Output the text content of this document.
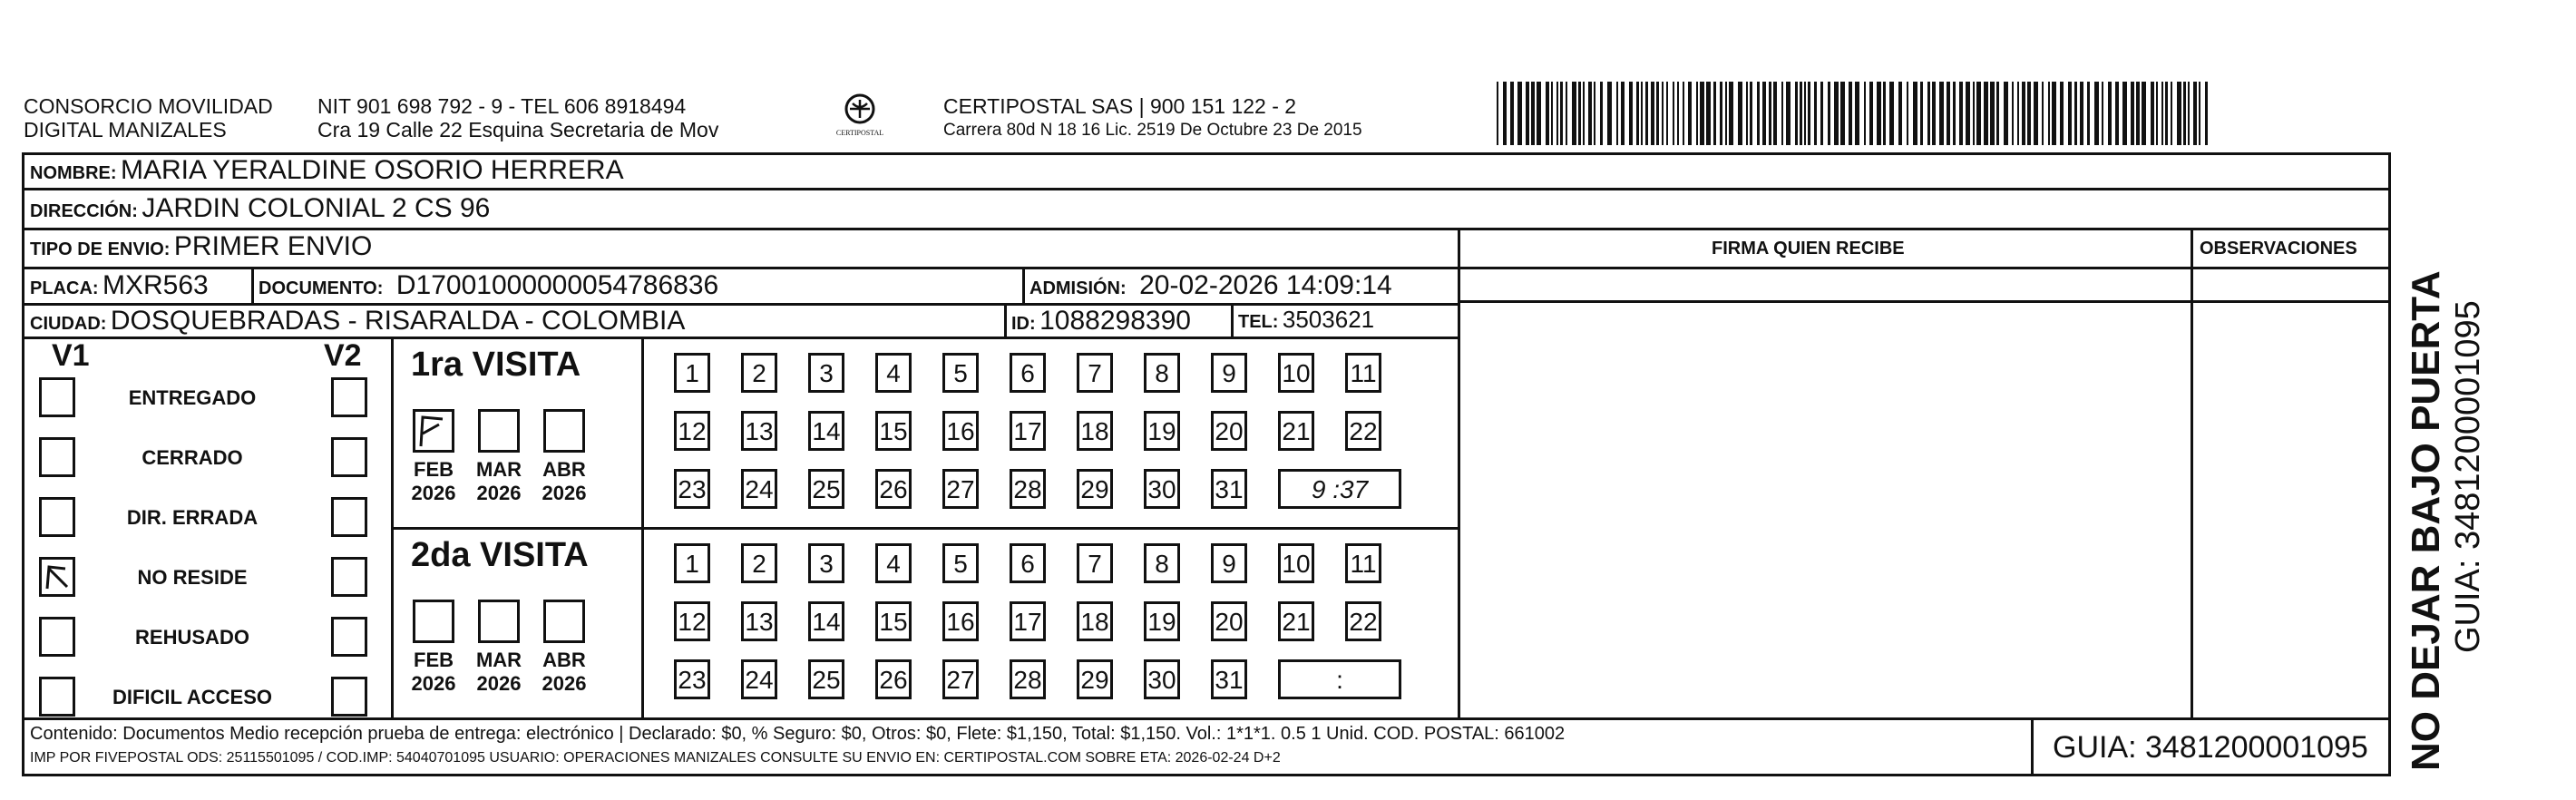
CONSORCIO MOVILIDAD
DIGITAL MANIZALES
NIT 901 698 792 - 9 - TEL 606 8918494
Cra 19 Calle 22 Esquina Secretaria de Mov	CERTIPOSTAL
CERTIPOSTAL SAS | 900 151 122 - 2
Carrera 80d N 18 16 Lic. 2519 De Octubre 23 De 2015
NOMBRE: MARIA YERALDINE OSORIO HERRERA
DIRECCIÓN: JARDIN COLONIAL 2 CS 96
TIPO DE ENVIO: PRIMER ENVIO	FIRMA QUIEN RECIBE	OBSERVACIONES
PLACA: MXR563	DOCUMENTO: D17001000000054786836	ADMISIÓN: 20-02-2026 14:09:14
CIUDAD: DOSQUEBRADAS - RISARALDA - COLOMBIA	ID: 1088298390	TEL: 3503621
V1	V2
ENTREGADO
CERRADO
DIR. ERRADA
NO RESIDE
REHUSADO
DIFICIL ACCESO
1ra VISITA
2da VISITA
FEB
2026
MAR
2026
ABR
2026
FEB
2026
MAR
2026
ABR
2026
1	2	3	4	5	6	7	8	9	10 11
12 13 14 15 16 17 18 19 20 21 22
23 24 25 26 27 28 29 30 31	9 :37
1	2	3	4	5	6	7	8	9	10 11
12 13 14 15 16 17 18 19 20 21 22
23 24 25 26 27 28 29 30 31	:
Contenido: Documentos Medio recepción prueba de entrega: electrónico | Declarado: $0, % Seguro: $0, Otros: $0, Flete: $1,150, Total: $1,150. Vol.: 1*1*1. 0.5 1 Unid. COD. POSTAL: 661002
IMP POR FIVEPOSTAL ODS: 25115501095 / COD.IMP: 54040701095 USUARIO: OPERACIONES MANIZALES CONSULTE SU ENVIO EN: CERTIPOSTAL.COM SOBRE ETA: 2026-02-24 D+2	GUIA: 3481200001095 NO DEJAR BAJO PUERTA GUIA: 3481200001095
